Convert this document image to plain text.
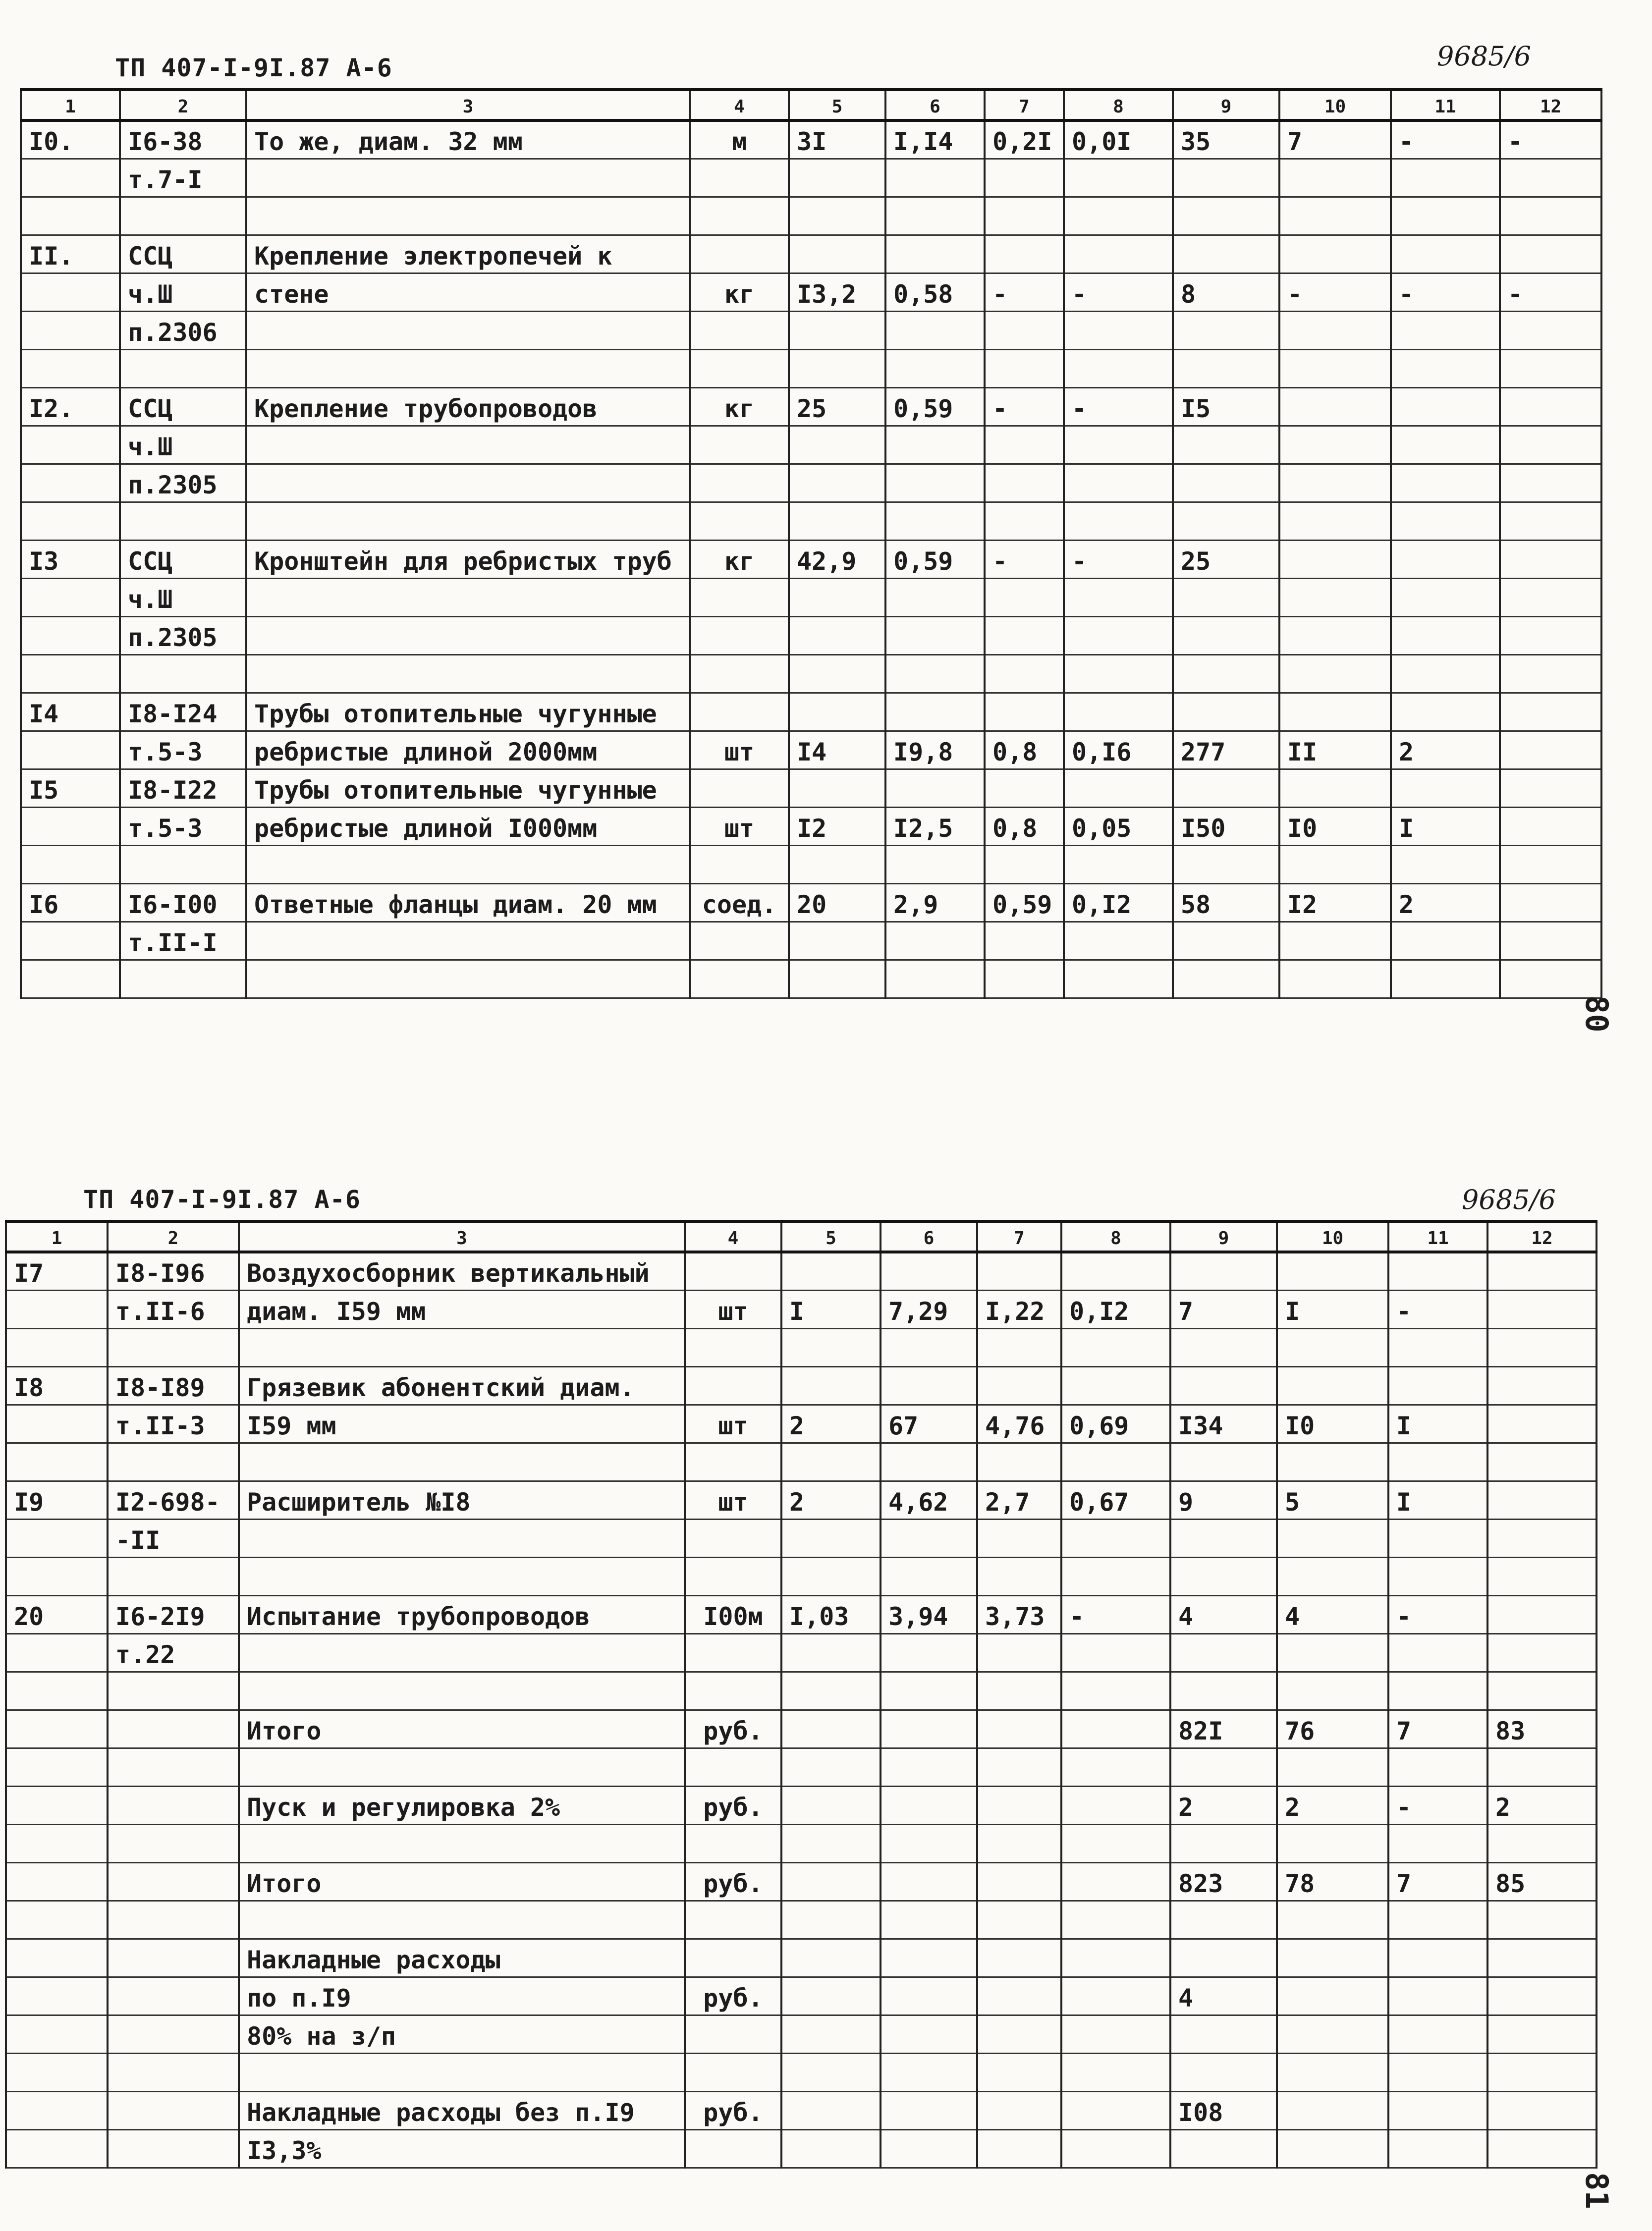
ТП 407-I-9I.87 А-6	9685/6
1	2	3	4	5	6	7	8	9	10	11	12
I0.	I6-38	То же, диам. 32 мм	м	3I	I,I4	0,2I	0,0I	35	7	-	-
	т.7-I										

II.	ССЦ	Крепление электропечей к									
	ч.Ш	стене	кг	I3,2	0,58	-	-	8	-	-	-
	п.2306										

I2.	ССЦ	Крепление трубопроводов	кг	25	0,59	-	-	I5			
	ч.Ш										
	п.2305										

I3	ССЦ	Кронштейн для ребристых труб	кг	42,9	0,59	-	-	25			
	ч.Ш										
	п.2305										

I4	I8-I24	Трубы отопительные чугунные									
	т.5-3	ребристые длиной 2000мм	шт	I4	I9,8	0,8	0,I6	277	II	2	
I5	I8-I22	Трубы отопительные чугунные									
	т.5-3	ребристые длиной I000мм	шт	I2	I2,5	0,8	0,05	I50	I0	I	

I6	I6-I00	Ответные фланцы диам. 20 мм	соед.	20	2,9	0,59	0,I2	58	I2	2	
	т.II-I										

80
ТП 407-I-9I.87 А-6	9685/6
1	2	3	4	5	6	7	8	9	10	11	12
I7	I8-I96	Воздухосборник вертикальный									
	т.II-6	диам. I59 мм	шт	I	7,29	I,22	0,I2	7	I	-	

I8	I8-I89	Грязевик абонентский диам.									
	т.II-3	I59 мм	шт	2	67	4,76	0,69	I34	I0	I	

I9	I2-698-	Расширитель №I8	шт	2	4,62	2,7	0,67	9	5	I	
	-II										

20	I6-2I9	Испытание трубопроводов	I00м	I,03	3,94	3,73	-	4	4	-	
	т.22										

		Итого	руб.					82I	76	7	83

		Пуск и регулировка 2%	руб.					2	2	-	2

		Итого	руб.					823	78	7	85

		Накладные расходы									
		по п.I9	руб.					4			
		80% на з/п									

		Накладные расходы без п.I9	руб.					I08			
		I3,3%									
81
